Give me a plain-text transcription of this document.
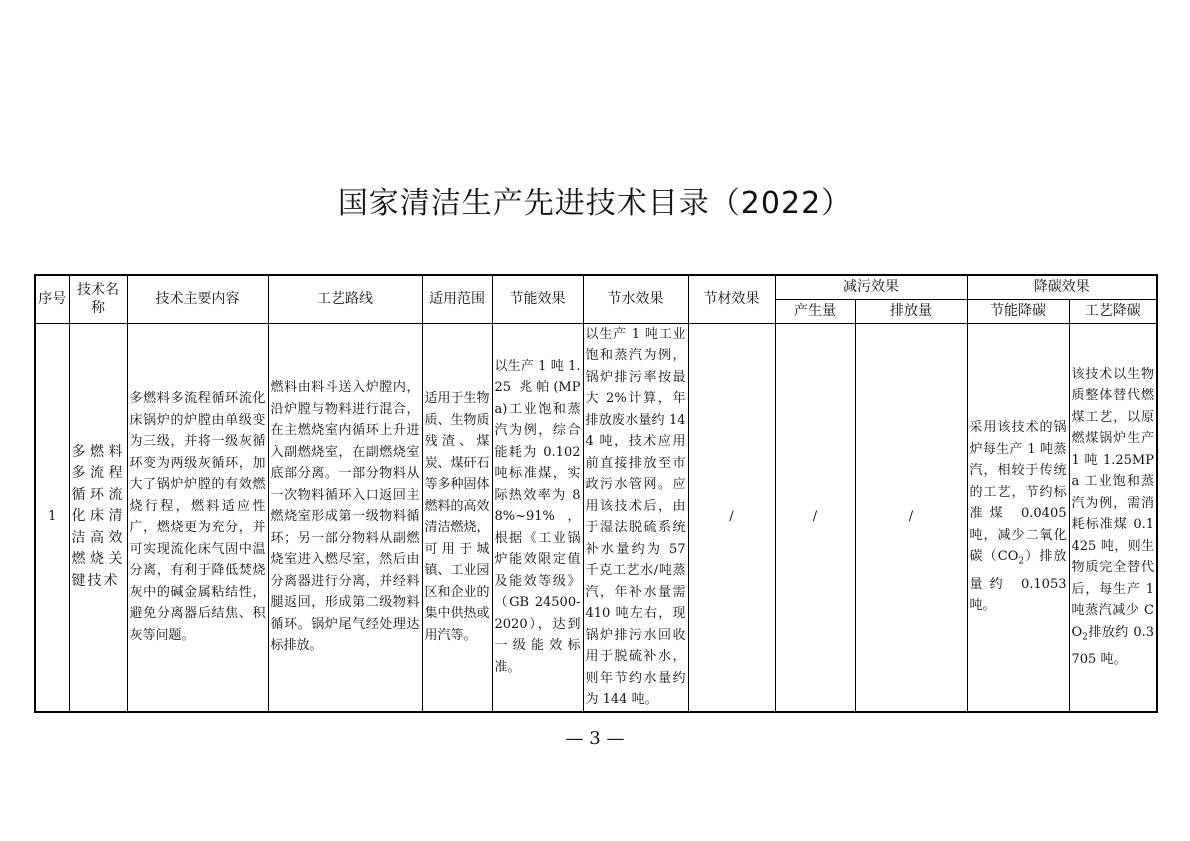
国家清洁生产先进技术目录（2022）
序号	技术名称	技术主要内容	工艺路线	适用范围	节能效果	节水效果	节材效果	减污效果		降碳效果	
								产生量	排放量	节能降碳	工艺降碳
1	多燃料多流程循环流化床清洁高效燃烧关键技术	多燃料多流程循环流化床锅炉的炉膛由单级变为三级，并将一级灰循环变为两级灰循环，加大了锅炉炉膛的有效燃烧行程，燃料适应性广，燃烧更为充分，并可实现流化床气固中温分离，有利于降低焚烧灰中的碱金属粘结性，避免分离器后结焦、积灰等问题。	燃料由料斗送入炉膛内，沿炉膛与物料进行混合，在主燃烧室内循环上升进入副燃烧室，在副燃烧室底部分离。一部分物料从一次物料循环入口返回主燃烧室形成第一级物料循环；另一部分物料从副燃烧室进入燃尽室，然后由分离器进行分离，并经料腿返回，形成第二级物料循环。锅炉尾气经处理达标排放。	适用于生物质、生物质残渣、煤炭、煤矸石等多种固体燃料的高效清洁燃烧，可用于城镇、工业园区和企业的集中供热或用汽等。	以生产 1 吨 1.25 兆帕(MPa)工业饱和蒸汽为例，综合能耗为 0.102 吨标准煤，实际热效率为 88%~91%，根据《工业锅炉能效限定值及能效等级》（GB 24500-2020），达到一级能效标准。	以生产 1 吨工业饱和蒸汽为例，锅炉排污率按最大 2%计算，年排放废水量约 144 吨，技术应用前直接排放至市政污水管网。应用该技术后，由于湿法脱硫系统补水量约为 57 千克工艺水/吨蒸汽，年补水量需 410 吨左右，现锅炉排污水回收用于脱硫补水，则年节约水量约为 144 吨。	/	/	/	采用该技术的锅炉每生产 1 吨蒸汽，相较于传统的工艺，节约标准煤 0.0405 吨，减少二氧化碳$(CO_2)$排放量约 0.1053 吨。	该技术以生物质整体替代燃煤工艺，以原燃煤锅炉生产 1 吨 1.25MPa 工业饱和蒸汽为例，需消耗标准煤 0.1425 吨，则生物质完全替代后，每生产 1 吨蒸汽减少 $CO_2$排放约 0.3705 吨。
— 3 —
